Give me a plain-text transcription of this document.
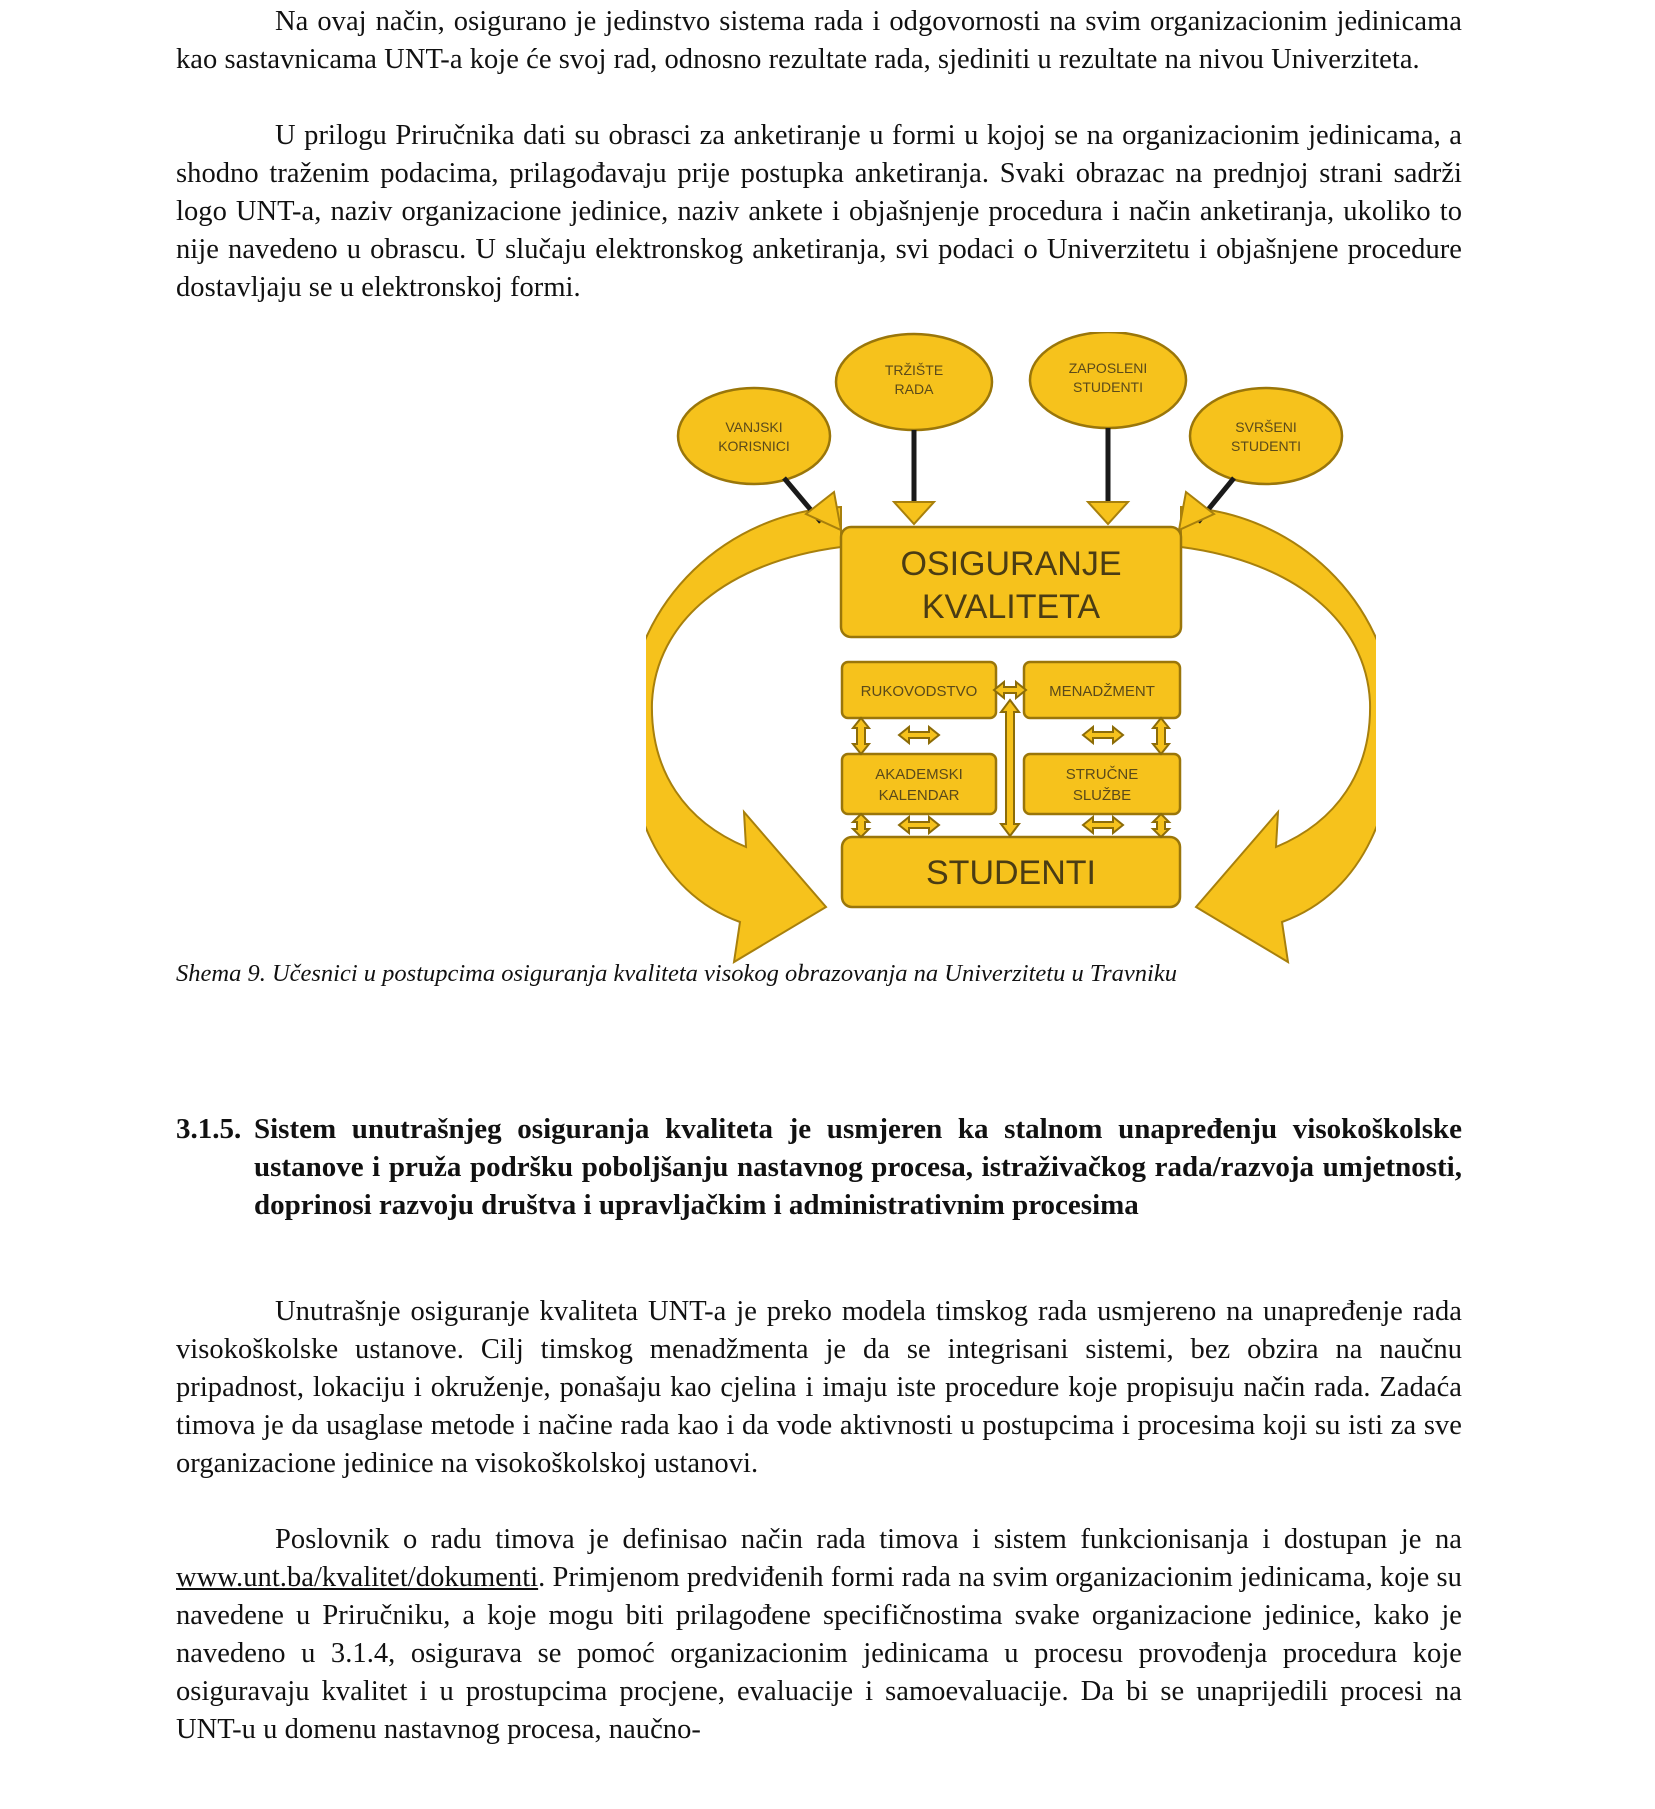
Na ovaj način, osigurano je jedinstvo sistema rada i odgovornosti na svim organizacionim jedinicama kao sastavnicama UNT-a koje će svoj rad, odnosno rezultate rada, sjediniti u rezultate na nivou Univerziteta.

U prilogu Priručnika dati su obrasci za anketiranje u formi u kojoj se na organizacionim jedinicama, a shodno traženim podacima, prilagođavaju prije postupka anketiranja. Svaki obrazac na prednjoj strani sadrži logo UNT-a, naziv organizacione jedinice, naziv ankete i objašnjenje procedura i način anketiranja, ukoliko to nije navedeno u obrascu. U slučaju elektronskog anketiranja, svi podaci o Univerzitetu i objašnjene procedure dostavljaju se u elektronskoj formi.

VANJSKI
KORISNICI
TRŽIŠTE
RADA
ZAPOSLENI
STUDENTI
SVRŠENI
STUDENTI
OSIGURANJE
KVALITETA
RUKOVODSTVO	MENADŽMENT
AKADEMSKI
KALENDAR
STRUČNE
SLUŽBE
STUDENTI

Shema 9. Učesnici u postupcima osiguranja kvaliteta visokog obrazovanja na Univerzitetu u Travniku

3.1.5. Sistem unutrašnjeg osiguranja kvaliteta je usmjeren ka stalnom unapređenju visokoškolske ustanove i pruža podršku poboljšanju nastavnog procesa, istraživačkog rada/razvoja umjetnosti, doprinosi razvoju društva i upravljačkim i administrativnim procesima

Unutrašnje osiguranje kvaliteta UNT-a je preko modela timskog rada usmjereno na unapređenje rada visokoškolske ustanove. Cilj timskog menadžmenta je da se integrisani sistemi, bez obzira na naučnu pripadnost, lokaciju i okruženje, ponašaju kao cjelina i imaju iste procedure koje propisuju način rada. Zadaća timova je da usaglase metode i načine rada kao i da vode aktivnosti u postupcima i procesima koji su isti za sve organizacione jedinice na visokoškolskoj ustanovi.

Poslovnik o radu timova je definisao način rada timova i sistem funkcionisanja i dostupan je na www.unt.ba/kvalitet/dokumenti. Primjenom predviđenih formi rada na svim organizacionim jedinicama, koje su navedene u Priručniku, a koje mogu biti prilagođene specifičnostima svake organizacione jedinice, kako je navedeno u 3.1.4, osigurava se pomoć organizacionim jedinicama u procesu provođenja procedura koje osiguravaju kvalitet i u prostupcima procjene, evaluacije i samoevaluacije. Da bi se unaprijedili procesi na UNT-u u domenu nastavnog procesa, naučno-
